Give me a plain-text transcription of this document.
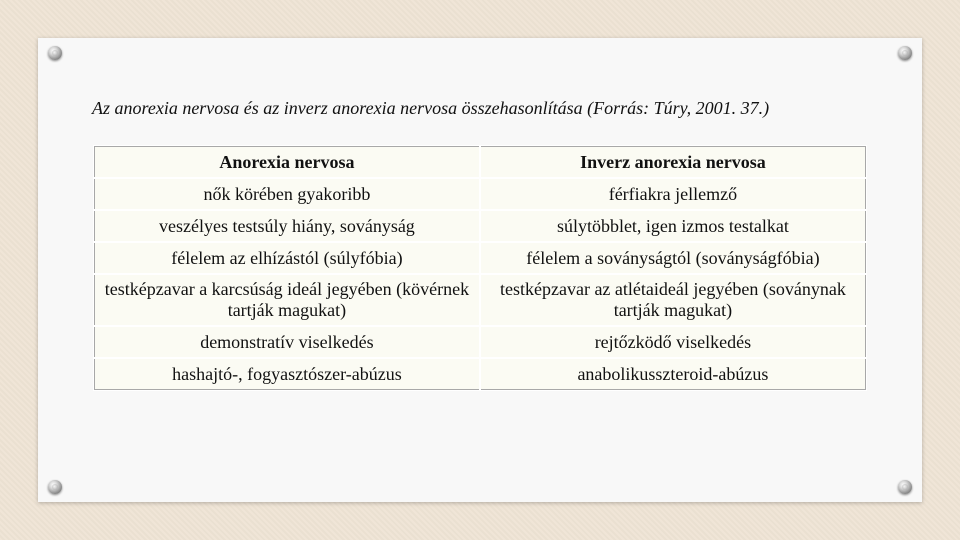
Az anorexia nervosa és az inverz anorexia nervosa összehasonlítása (Forrás: Túry, 2001. 37.)
Anorexia nervosa	Inverz anorexia nervosa
nők körében gyakoribb	férfiakra jellemző
veszélyes testsúly hiány, soványság	súlytöbblet, igen izmos testalkat
félelem az elhízástól (súlyfóbia)	félelem a soványságtól (soványságfóbia)
testképzavar a karcsúság ideál jegyében (kövérnek tartják magukat)	testképzavar az atlétaideál jegyében (soványnak tartják magukat)
demonstratív viselkedés	rejtőzködő viselkedés
hashajtó-, fogyasztószer-abúzus	anabolikusszteroid-abúzus
